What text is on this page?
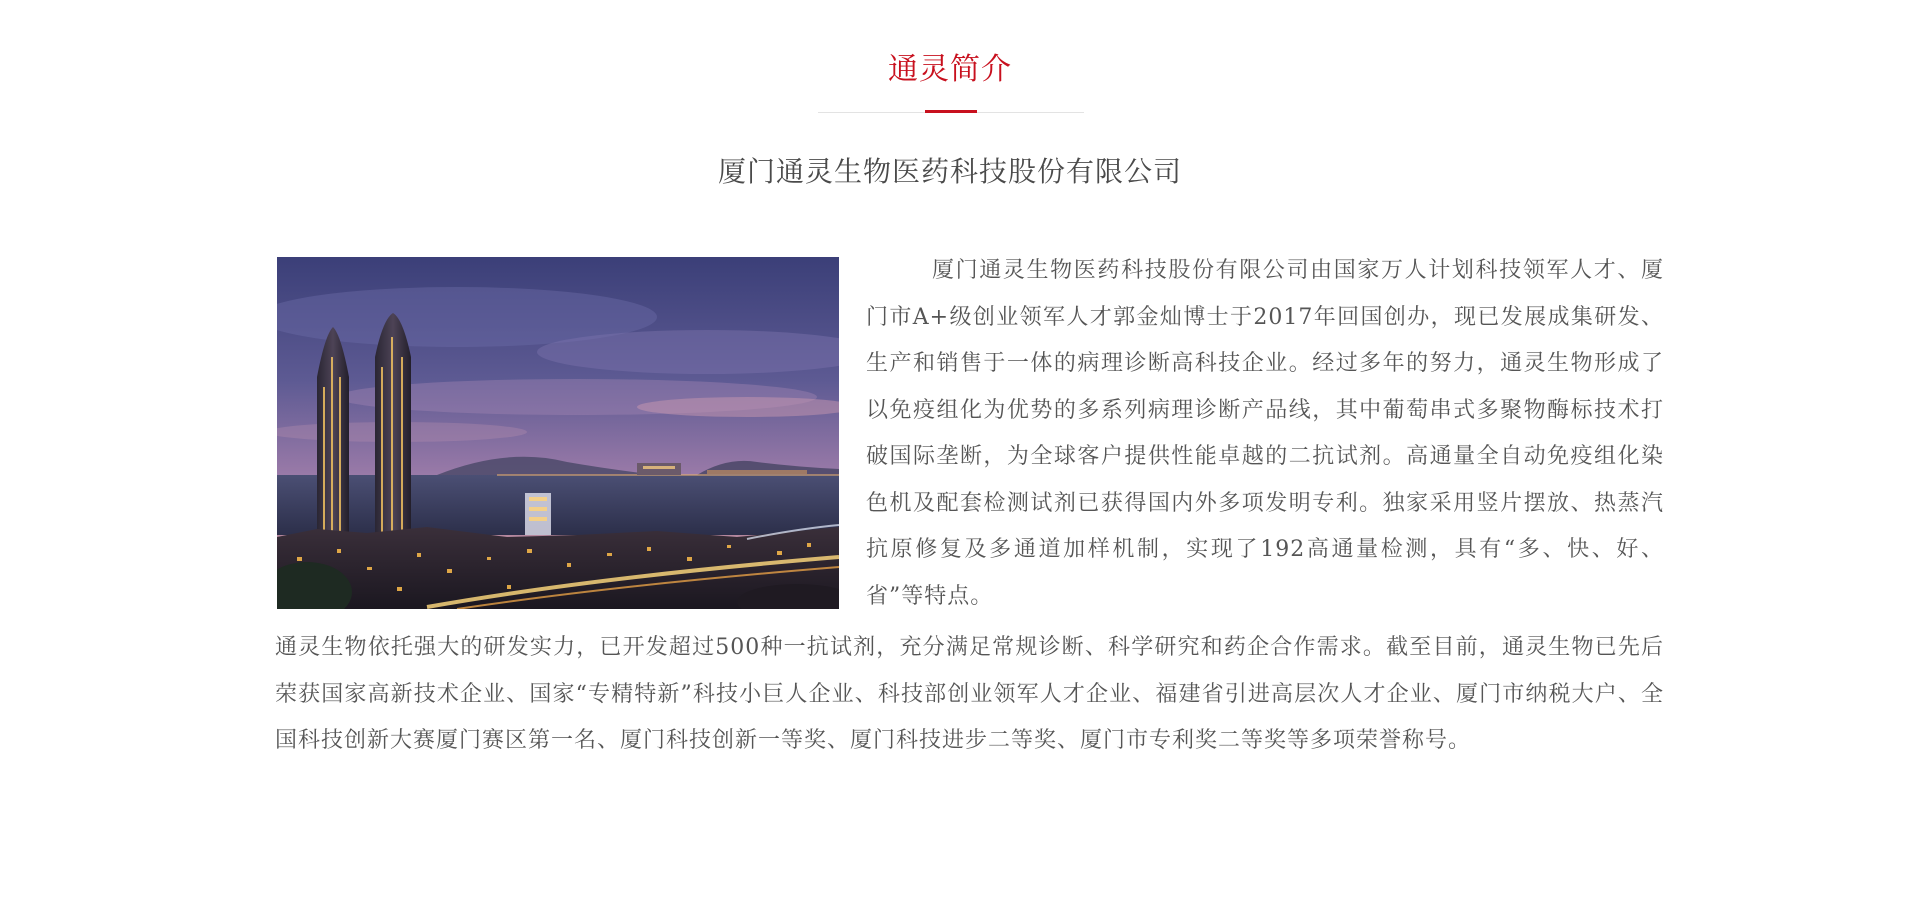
通灵简介
厦门通灵生物医药科技股份有限公司

厦门通灵生物医药科技股份有限公司由国家万人计划科技领军人才、厦门市A+级创业领军人才郭金灿博士于2017年回国创办，现已发展成集研发、生产和销售于一体的病理诊断高科技企业。经过多年的努力，通灵生物形成了以免疫组化为优势的多系列病理诊断产品线，其中葡萄串式多聚物酶标技术打破国际垄断，为全球客户提供性能卓越的二抗试剂。高通量全自动免疫组化染色机及配套检测试剂已获得国内外多项发明专利。独家采用竖片摆放、热蒸汽抗原修复及多通道加样机制，实现了192高通量检测，具有“多、快、好、省”等特点。

通灵生物依托强大的研发实力，已开发超过500种一抗试剂，充分满足常规诊断、科学研究和药企合作需求。截至目前，通灵生物已先后荣获国家高新技术企业、国家“专精特新”科技小巨人企业、科技部创业领军人才企业、福建省引进高层次人才企业、厦门市纳税大户、全国科技创新大赛厦门赛区第一名、厦门科技创新一等奖、厦门科技进步二等奖、厦门市专利奖二等奖等多项荣誉称号。
